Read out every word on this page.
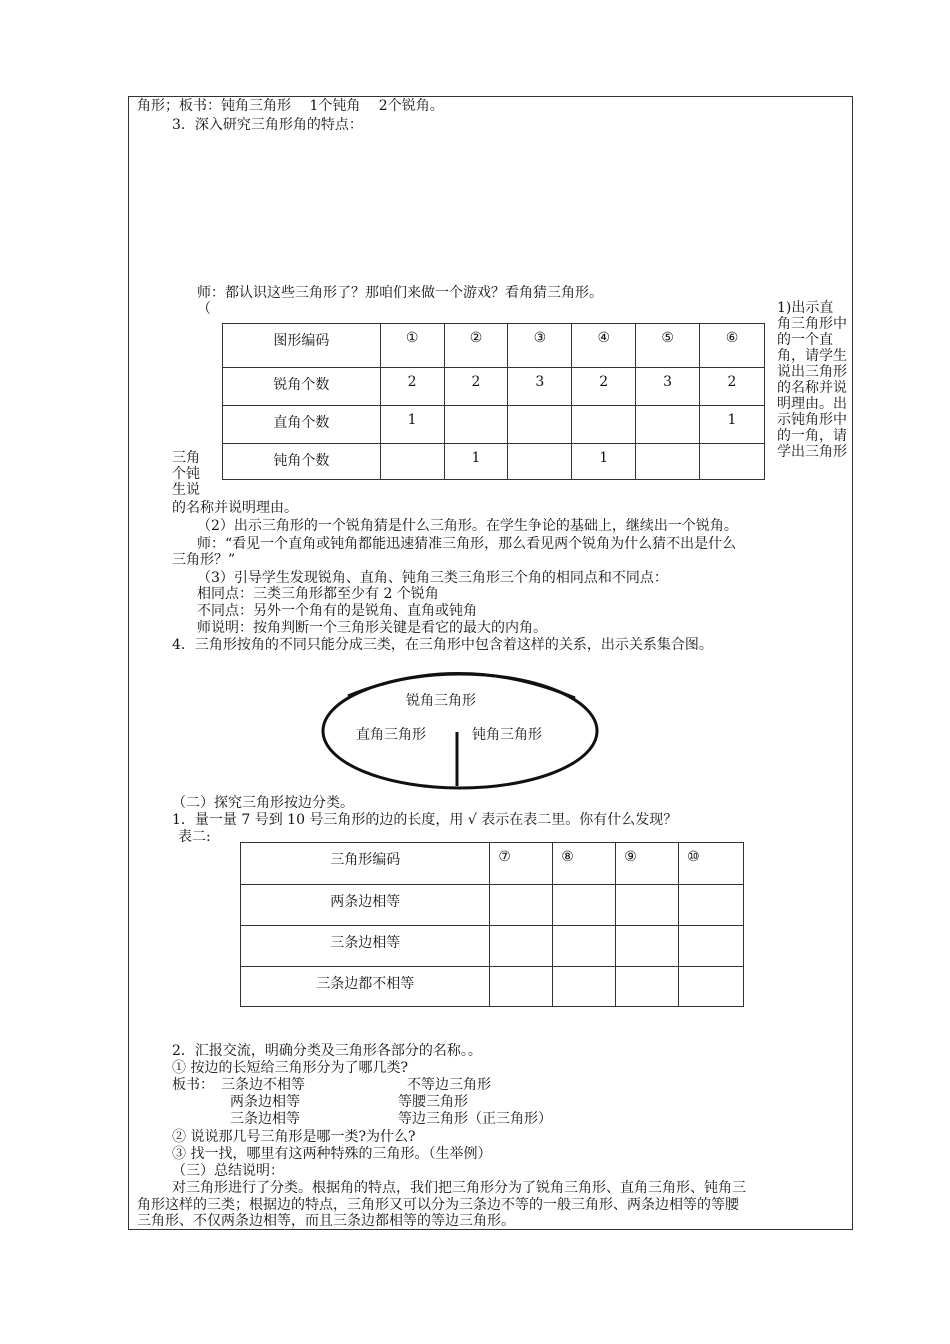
角形；板书：钝角三角形　 1个钝角 　2个锐角。
3．深入研究三角形角的特点：
师：都认识这些三角形了？那咱们来做一个游戏？看角猜三角形。
（
图形编码	①	②	③	④	⑤	⑥
锐角个数	2	2	3	2	3	2
直角个数	1					1
钝角个数		1		1		
1)出示直角三角形中的一个直角，请学生说出三角形的名称并说明理由。出示钝角形中的一角，请学出三角形
三角个钝生说
的名称并说明理由。
（2）出示三角形的一个锐角猜是什么三角形。在学生争论的基础上，继续出一个锐角。
师：“看见一个直角或钝角都能迅速猜准三角形，那么看见两个锐角为什么猜不出是什么
三角形？”
（3）引导学生发现锐角、直角、钝角三类三角形三个角的相同点和不同点：
相同点：三类三角形都至少有 2 个锐角
不同点：另外一个角有的是锐角、直角或钝角
师说明：按角判断一个三角形关键是看它的最大的内角。
4．三角形按角的不同只能分成三类，在三角形中包含着这样的关系，出示关系集合图。
锐角三角形
直角三角形	钝角三角形
（二）探究三角形按边分类。
1．量一量 7 号到 10 号三角形的边的长度，用 √ 表示在表二里。你有什么发现？
表二:
三角形编码	⑦	⑧	⑨	⑩
两条边相等				
三条边相等				
三条边都不相等				
2．汇报交流，明确分类及三角形各部分的名称。。
① 按边的长短给三角形分为了哪几类?
板书：　三条边不相等	不等边三角形
两条边相等	等腰三角形
三条边相等	等边三角形（正三角形）
② 说说那几号三角形是哪一类?为什么?
③ 找一找，哪里有这两种特殊的三角形。（生举例）
（三）总结说明：
对三角形进行了分类。根据角的特点，我们把三角形分为了锐角三角形、直角三角形、钝角三
角形这样的三类；根据边的特点，三角形又可以分为三条边不等的一般三角形、两条边相等的等腰
三角形、不仅两条边相等，而且三条边都相等的等边三角形。
